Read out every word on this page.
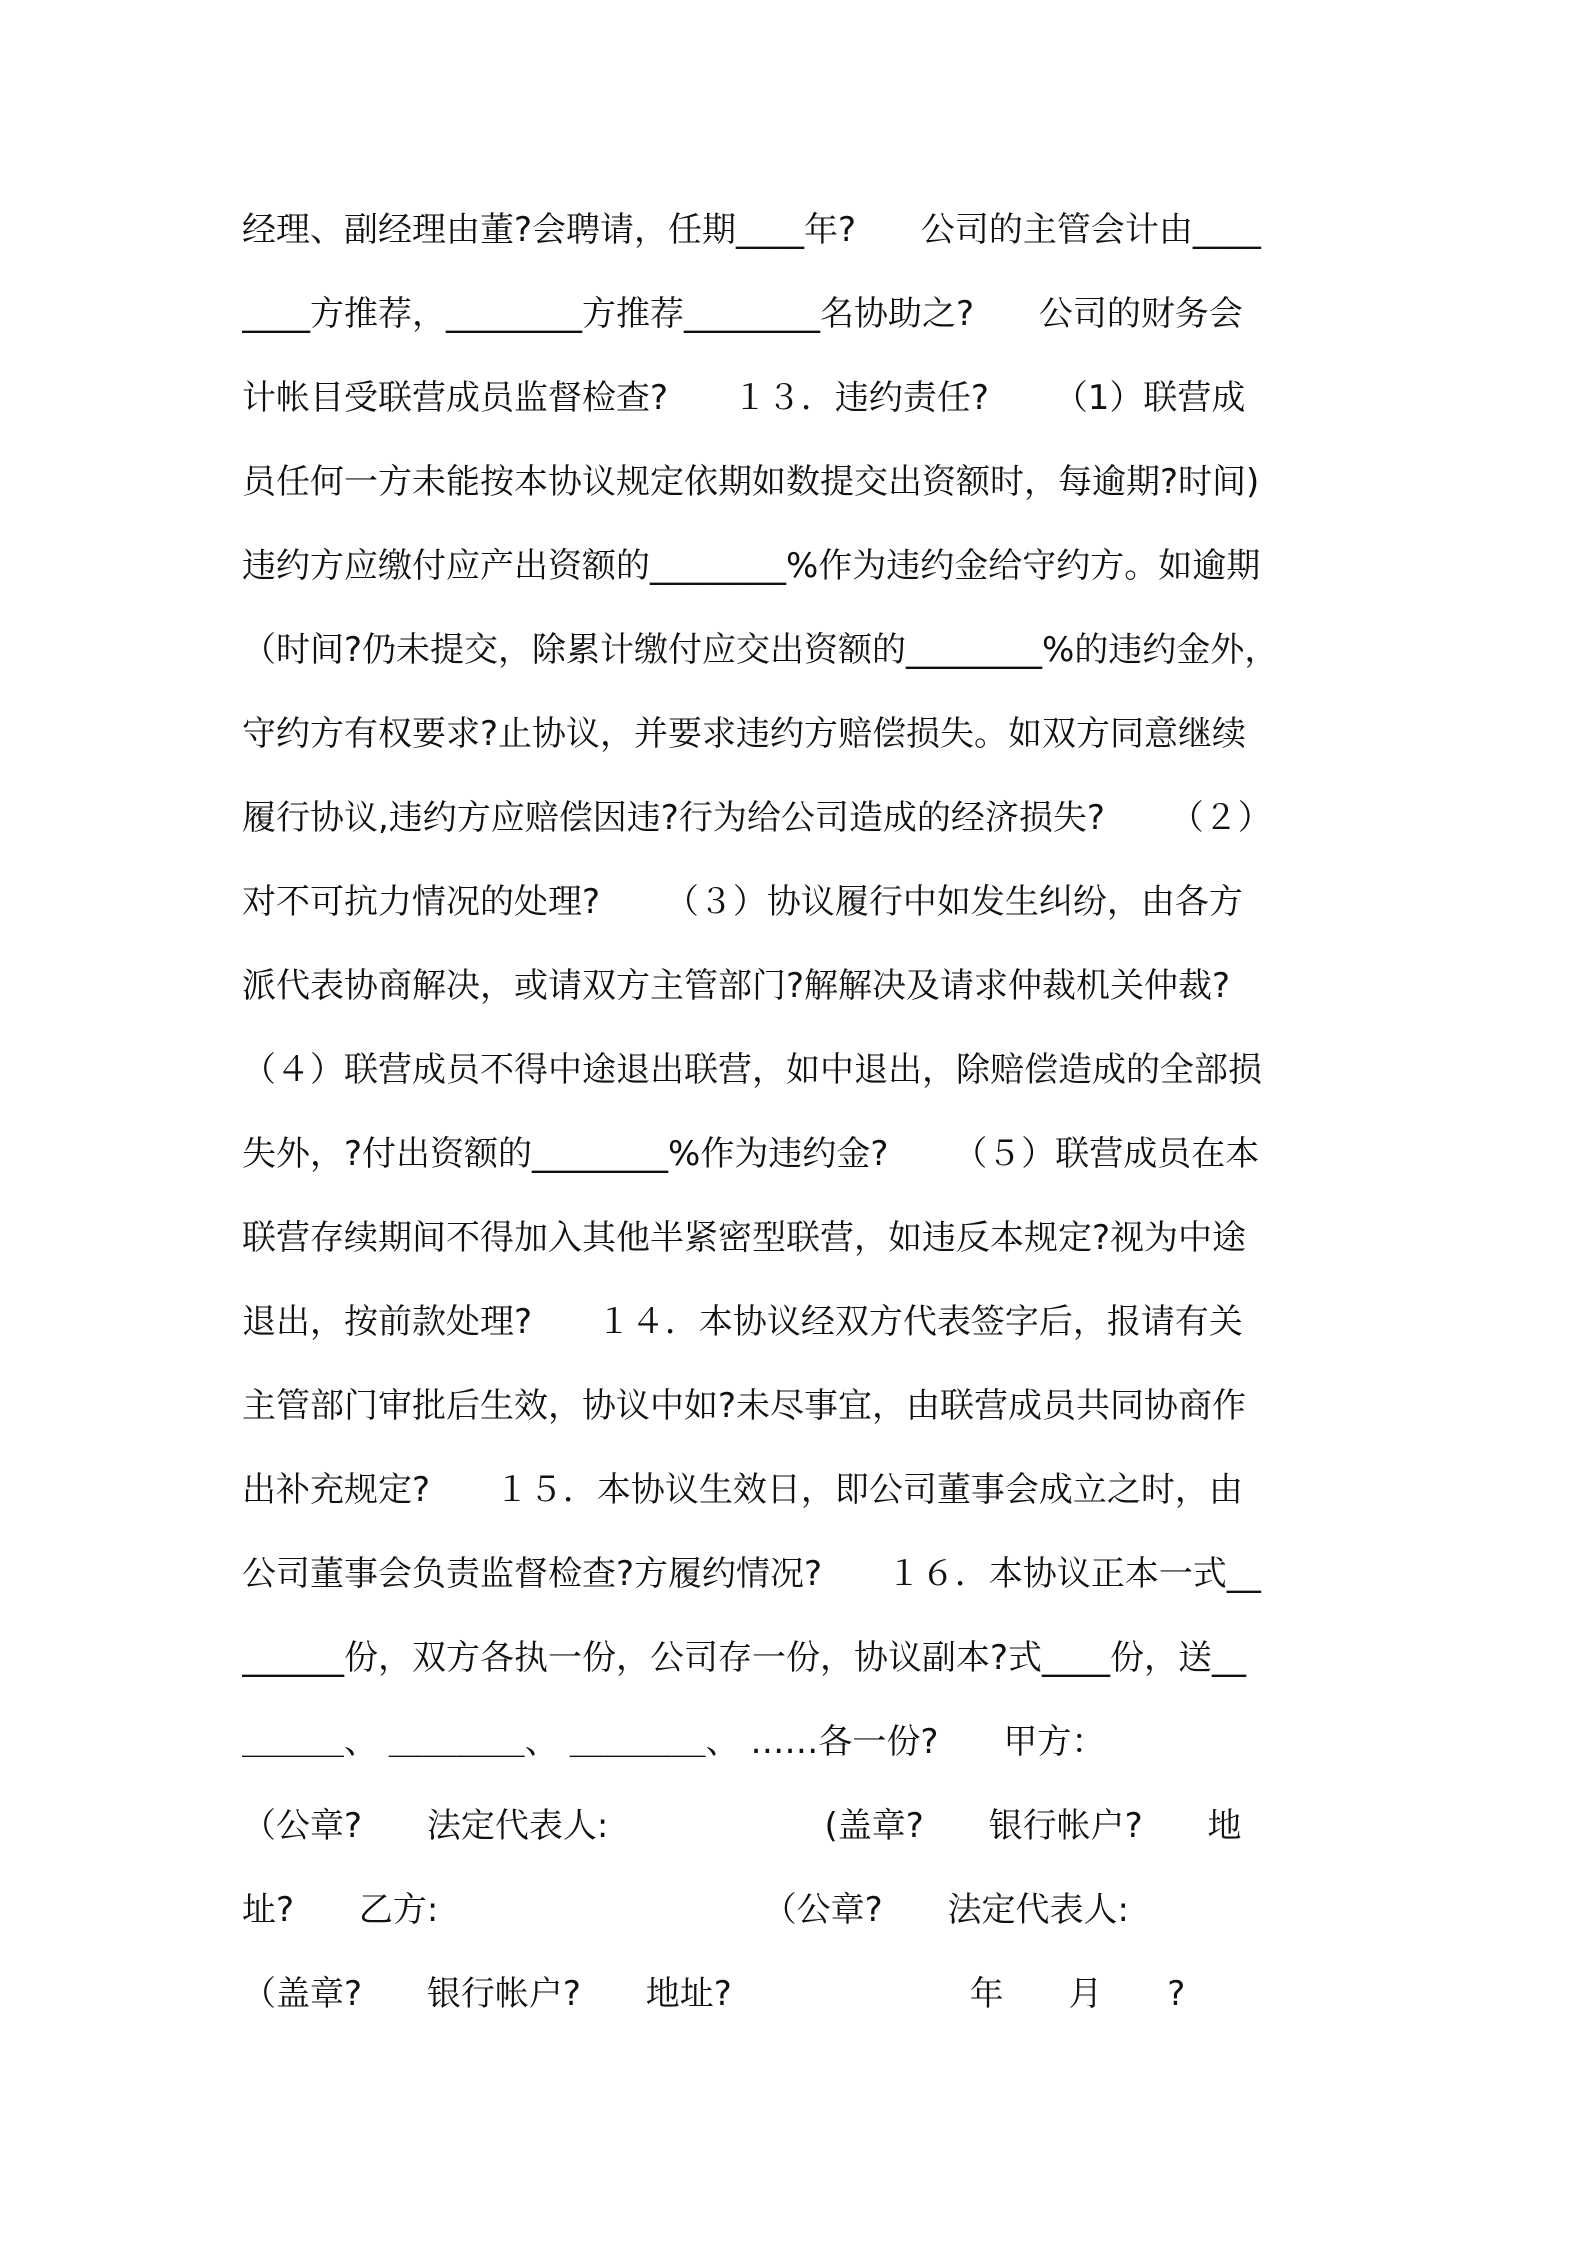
经理、副经理由董?会聘请，任期____年?      公司的主管会计由____
____方推荐，________方推荐________名协助之?      公司的财务会
计帐目受联营成员监督检查?      １３．违约责任?      （1）联营成
员任何一方未能按本协议规定依期如数提交出资额时，每逾期?时间)
违约方应缴付应产出资额的________%作为违约金给守约方。如逾期
（时间?仍未提交，除累计缴付应交出资额的________%的违约金外，
守约方有权要求?止协议，并要求违约方赔偿损失。如双方同意继续
履行协议,违约方应赔偿因违?行为给公司造成的经济损失?      （２）
对不可抗力情况的处理?      （３）协议履行中如发生纠纷，由各方
派代表协商解决，或请双方主管部门?解解决及请求仲裁机关仲裁?
（４）联营成员不得中途退出联营，如中退出，除赔偿造成的全部损
失外，?付出资额的________%作为违约金?      （５）联营成员在本
联营存续期间不得加入其他半紧密型联营，如违反本规定?视为中途
退出，按前款处理?      １４．本协议经双方代表签字后，报请有关
主管部门审批后生效，协议中如?未尽事宜，由联营成员共同协商作
出补充规定?      １５．本协议生效日，即公司董事会成立之时，由
公司董事会负责监督检查?方履约情况?      １６．本协议正本一式__
______份，双方各执一份，公司存一份，协议副本?式____份，送__
＿＿＿、 ＿＿＿＿、 ＿＿＿＿、 ……各一份?      甲方：
（公章?      法定代表人:                    (盖章?      银行帐户?      地
址?      乙方:                              （公章?      法定代表人:
（盖章?      银行帐户?      地址?                      年      月      ?
